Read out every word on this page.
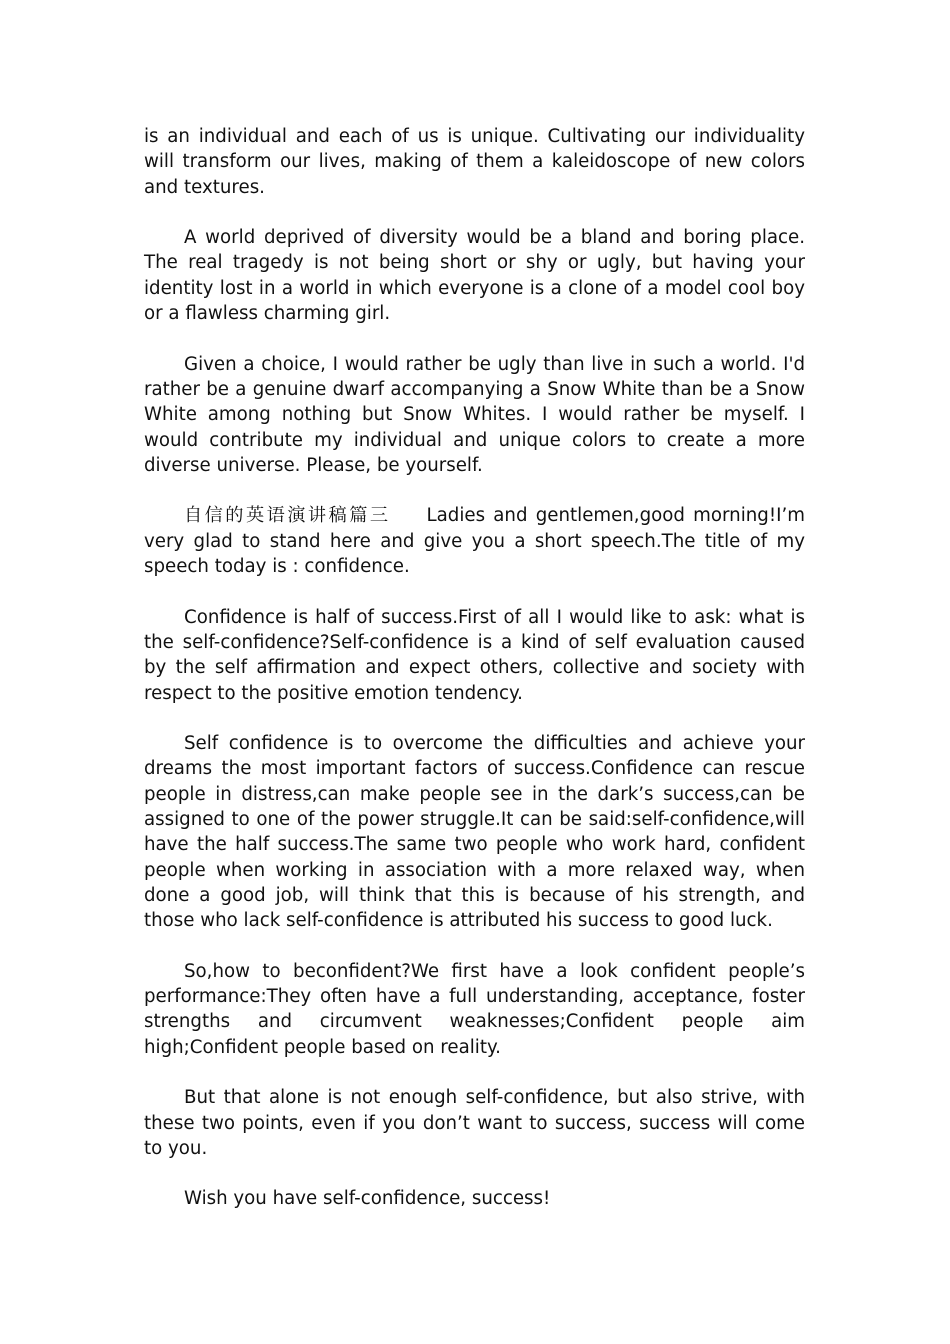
is an individual and each of us is unique. Cultivating our individuality will transform our lives, making of them a kaleidoscope of new colors and textures.

A world deprived of diversity would be a bland and boring place. The real tragedy is not being short or shy or ugly, but having your identity lost in a world in which everyone is a clone of a model cool boy or a flawless charming girl.

Given a choice, I would rather be ugly than live in such a world. I'd rather be a genuine dwarf accompanying a Snow White than be a Snow White among nothing but Snow Whites. I would rather be myself. I would contribute my individual and unique colors to create a more diverse universe. Please, be yourself.

自信的英语演讲稿篇三 Ladies and gentlemen,good morning!I’m very glad to stand here and give you a short speech.The title of my speech today is : confidence.

Confidence is half of success.First of all I would like to ask: what is the self-confidence?Self-confidence is a kind of self evaluation caused by the self affirmation and expect others, collective and society with respect to the positive emotion tendency.

Self confidence is to overcome the difficulties and achieve your dreams the most important factors of success.Confidence can rescue people in distress,can make people see in the dark’s success,can be assigned to one of the power struggle.It can be said:self-confidence,will have the half success.The same two people who work hard, confident people when working in association with a more relaxed way, when done a good job, will think that this is because of his strength, and those who lack self-confidence is attributed his success to good luck.

So,how to beconfident?We first have a look confident people’s performance:They often have a full understanding, acceptance, foster strengths and circumvent weaknesses;Confident people aim high;Confident people based on reality.

But that alone is not enough self-confidence, but also strive, with these two points, even if you don’t want to success, success will come to you.

Wish you have self-confidence, success!
